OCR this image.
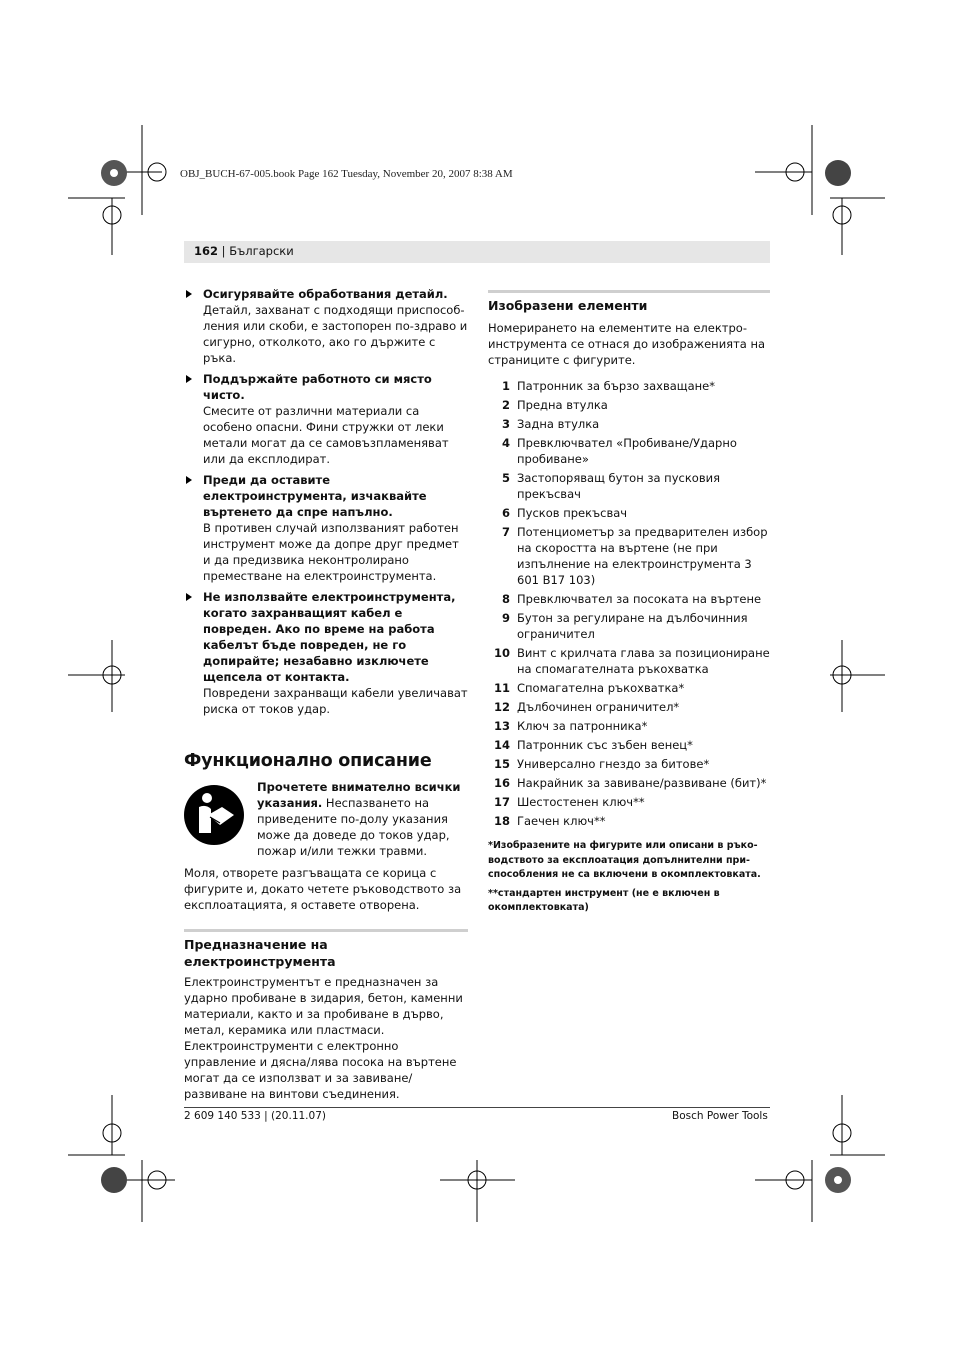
OBJ_BUCH-67-005.book Page 162 Tuesday, November 20, 2007 8:38 AM
162 | Български
Осигурявайте обработвания детайл.
Детайл, захванат с подходящи приспособ-ления или скоби, е застопорен по-здраво и сигурно, отколкото, ако го държите с ръка.
Поддържайте работното си място чисто.
Смесите от различни материали са особено опасни. Фини стружки от леки метали могат да се самовъзпламеняват или да експлодират.
Преди да оставите електроинструмента, изчаквайте въртенето да спре напълно.
В противен случай използваният работен инструмент може да допре друг предмет и да предизвика неконтролирано преместване на електроинструмента.
Не използвайте електроинструмента, когато захранващият кабел е повреден. Ако по време на работа кабелът бъде повреден, не го допирайте; незабавно изключете щепсела от контакта.
Повредени захранващи кабели увеличават риска от токов удар.
Функционално описание
Прочетете внимателно всички указания. Неспазването на приведените по-долу указания може да доведе до токов удар, пожар и/или тежки травми.

Моля, отворете разгъващата се корица с фигурите и, докато четете ръководството за експлоатацията, я оставете отворена.

Предназначение на електроинструмента

Електроинструментът е предназначен за ударно пробиване в зидария, бетон, каменни материали, както и за пробиване в дърво, метал, керамика или пластмаси. Електроинструменти с електронно управление и дясна/лява посока на въртене могат да се използват и за завиване/развиване на винтови съединения.

Изобразени елементи

Номерирането на елементите на електро-инструмента се отнася до изображенията на страниците с фигурите.

1 Патронник за бързо захващане*
2 Предна втулка
3 Задна втулка
4 Превключвател «Пробиване/Ударно пробиване»
5 Застопоряващ бутон за пусковия прекъсвач
6 Пусков прекъсвач
7 Потенциометър за предварителен избор на скоростта на въртене (не при изпълнение на електроинструмента 3 601 B17 103)
8 Превключвател за посоката на въртене
9 Бутон за регулиране на дълбочинния ограничител
10 Винт с крилчата глава за позициониране на спомагателната ръкохватка
11 Спомагателна ръкохватка*
12 Дълбочинен ограничител*
13 Ключ за патронника*
14 Патронник със зъбен венец*
15 Универсално гнездо за битове*
16 Накрайник за завиване/развиване (бит)*
17 Шестостенен ключ**
18 Гаечен ключ**
*Изобразените на фигурите или описани в ръко-водството за експлоатация допълнителни при-способления не са включени в окомплектовката.
**стандартен инструмент (не е включен в окомплектовката)
2 609 140 533 | (20.11.07)	Bosch Power Tools
